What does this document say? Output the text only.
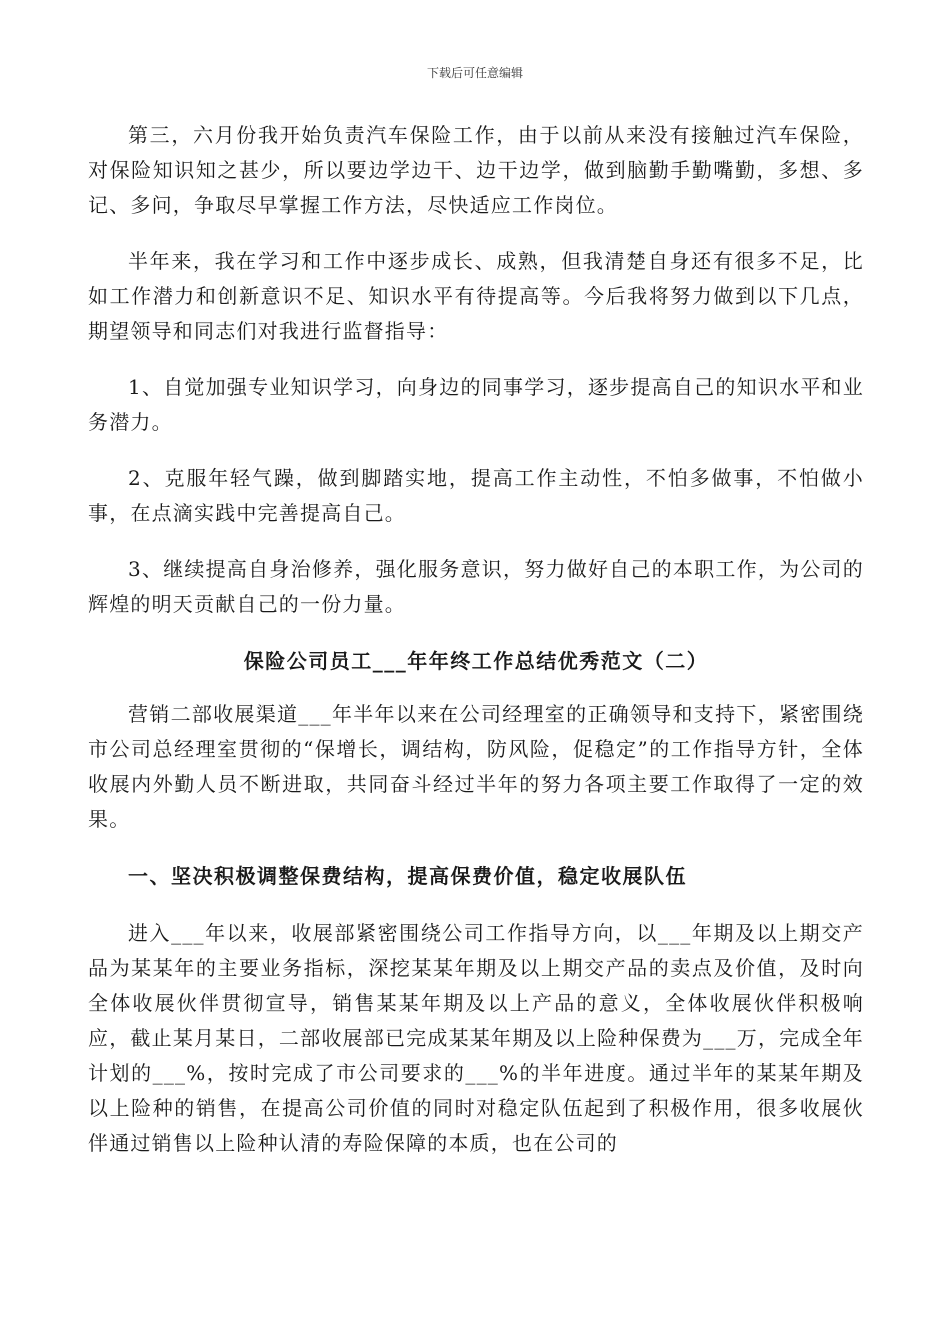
下载后可任意编辑

第三，六月份我开始负责汽车保险工作，由于以前从来没有接触过汽车保险，对保险知识知之甚少，所以要边学边干、边干边学，做到脑勤手勤嘴勤，多想、多记、多问，争取尽早掌握工作方法，尽快适应工作岗位。

半年来，我在学习和工作中逐步成长、成熟，但我清楚自身还有很多不足，比如工作潜力和创新意识不足、知识水平有待提高等。今后我将努力做到以下几点，期望领导和同志们对我进行监督指导：

1、自觉加强专业知识学习，向身边的同事学习，逐步提高自己的知识水平和业务潜力。

2、克服年轻气躁，做到脚踏实地，提高工作主动性，不怕多做事，不怕做小事，在点滴实践中完善提高自己。

3、继续提高自身治修养，强化服务意识，努力做好自己的本职工作，为公司的辉煌的明天贡献自己的一份力量。

保险公司员工___年年终工作总结优秀范文（二）

营销二部收展渠道___年半年以来在公司经理室的正确领导和支持下，紧密围绕市公司总经理室贯彻的“保增长，调结构，防风险，促稳定”的工作指导方针，全体收展内外勤人员不断进取，共同奋斗经过半年的努力各项主要工作取得了一定的效果。

一、坚决积极调整保费结构，提高保费价值，稳定收展队伍

进入___年以来，收展部紧密围绕公司工作指导方向，以___年期及以上期交产品为某某年的主要业务指标，深挖某某年期及以上期交产品的卖点及价值，及时向全体收展伙伴贯彻宣导，销售某某年期及以上产品的意义，全体收展伙伴积极响应，截止某月某日，二部收展部已完成某某年期及以上险种保费为___万，完成全年计划的___%，按时完成了市公司要求的___%的半年进度。通过半年的某某年期及以上险种的销售，在提高公司价值的同时对稳定队伍起到了积极作用，很多收展伙伴通过销售以上险种认清的寿险保障的本质，也在公司的
